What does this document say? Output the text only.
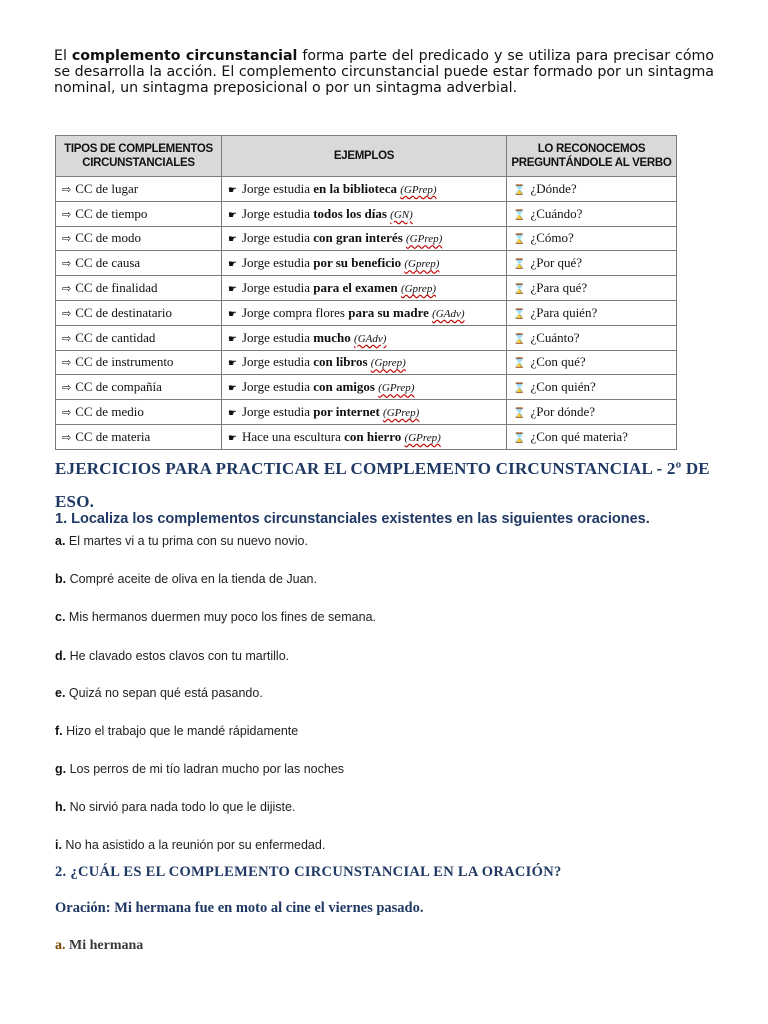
El complemento circunstancial forma parte del predicado y se utiliza para precisar cómo se desarrolla la acción. El complemento circunstancial puede estar formado por un sintagma nominal, un sintagma preposicional o por un sintagma adverbial.
TIPOS DE COMPLEMENTOS CIRCUNSTANCIALES	EJEMPLOS	LO RECONOCEMOS PREGUNTÁNDOLE AL VERBO
⇨ CC de lugar	☛ Jorge estudia en la biblioteca (GPrep)	⌛ ¿Dónde?
⇨ CC de tiempo	☛ Jorge estudia todos los días (GN)	⌛ ¿Cuándo?
⇨ CC de modo	☛ Jorge estudia con gran interés (GPrep)	⌛ ¿Cómo?
⇨ CC de causa	☛ Jorge estudia por su beneficio (Gprep)	⌛ ¿Por qué?
⇨ CC de finalidad	☛ Jorge estudia para el examen (Gprep)	⌛ ¿Para qué?
⇨ CC de destinatario	☛ Jorge compra flores para su madre (GAdv)	⌛ ¿Para quién?
⇨ CC de cantidad	☛ Jorge estudia mucho (GAdv)	⌛ ¿Cuánto?
⇨ CC de instrumento	☛ Jorge estudia con libros (Gprep)	⌛ ¿Con qué?
⇨ CC de compañía	☛ Jorge estudia con amigos (GPrep)	⌛ ¿Con quién?
⇨ CC de medio	☛ Jorge estudia por internet (GPrep)	⌛ ¿Por dónde?
⇨ CC de materia	☛ Hace una escultura con hierro (GPrep)	⌛ ¿Con qué materia?
EJERCICIOS PARA PRACTICAR EL COMPLEMENTO CIRCUNSTANCIAL - 2º DE ESO.
1. Localiza los complementos circunstanciales existentes en las siguientes oraciones.
a. El martes vi a tu prima con su nuevo novio.
b. Compré aceite de oliva en la tienda de Juan.
c. Mis hermanos duermen muy poco los fines de semana.
d. He clavado estos clavos con tu martillo.
e. Quizá no sepan qué está pasando.
f. Hizo el trabajo que le mandé rápidamente
g. Los perros de mi tío ladran mucho por las noches
h. No sirvió para nada todo lo que le dijiste.
i. No ha asistido a la reunión por su enfermedad.
2. ¿CUÁL ES EL COMPLEMENTO CIRCUNSTANCIAL EN LA ORACIÓN?
Oración: Mi hermana fue en moto al cine el viernes pasado.
a. Mi hermana
